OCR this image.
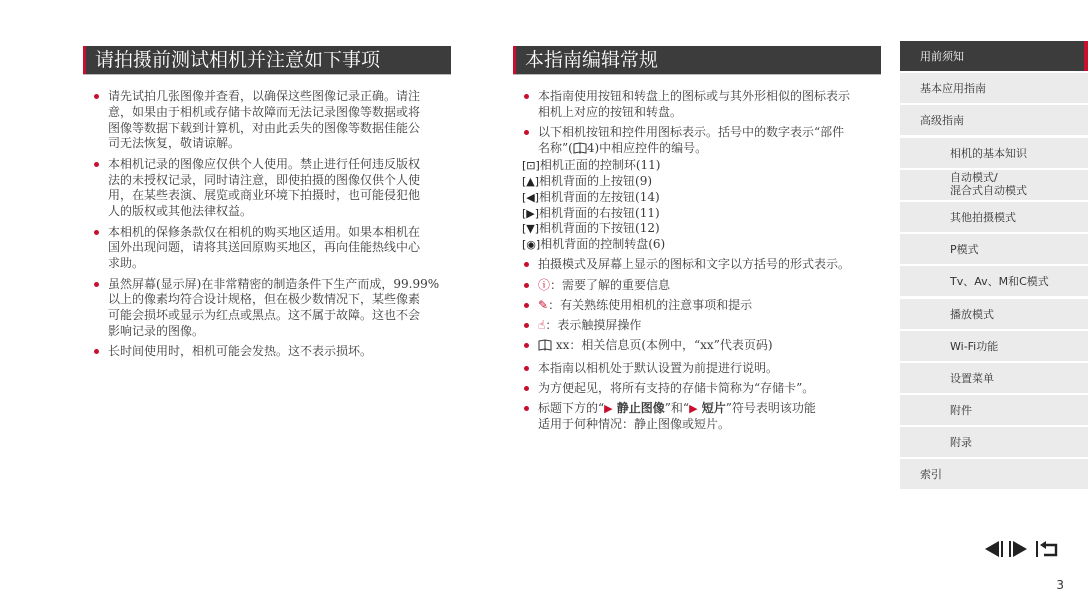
请拍摄前测试相机并注意如下事项
请先试拍几张图像并查看，以确保这些图像记录正确。请注
意，如果由于相机或存储卡故障而无法记录图像等数据或将
图像等数据下载到计算机，对由此丢失的图像等数据佳能公
司无法恢复，敬请谅解。
本相机记录的图像应仅供个人使用。禁止进行任何违反版权
法的未授权记录，同时请注意，即使拍摄的图像仅供个人使
用，在某些表演、展览或商业环境下拍摄时，也可能侵犯他
人的版权或其他法律权益。
本相机的保修条款仅在相机的购买地区适用。如果本相机在
国外出现问题，请将其送回原购买地区，再向佳能热线中心
求助。
虽然屏幕(显示屏)在非常精密的制造条件下生产而成，99.99%
以上的像素均符合设计规格，但在极少数情况下，某些像素
可能会损坏或显示为红点或黑点。这不属于故障。这也不会
影响记录的图像。
长时间使用时，相机可能会发热。这不表示损坏。
本指南编辑常规
本指南使用按钮和转盘上的图标或与其外形相似的图标表示
相机上对应的按钮和转盘。
以下相机按钮和控件用图标表示。括号中的数字表示“部件
名称”( 4)中相应控件的编号。
[⊡]相机正面的控制环(11)
[▲]相机背面的上按钮(9)
[◀]相机背面的左按钮(14)
[▶]相机背面的右按钮(11)
[▼]相机背面的下按钮(12)
[◉]相机背面的控制转盘(6)
拍摄模式及屏幕上显示的图标和文字以方括号的形式表示。
ⓘ：需要了解的重要信息
✎：有关熟练使用相机的注意事项和提示
☝：表示触摸屏操作
xx：相关信息页(本例中，“xx”代表页码)
本指南以相机处于默认设置为前提进行说明。
为方便起见，将所有支持的存储卡简称为“存储卡”。
标题下方的“▶ 静止图像”和“▶ 短片”符号表明该功能
适用于何种情况：静止图像或短片。
用前须知
基本应用指南
高级指南
相机的基本知识
自动模式/
混合式自动模式
其他拍摄模式
P模式
Tv、Av、M和C模式
播放模式
Wi-Fi功能
设置菜单
附件
附录
索引
3
